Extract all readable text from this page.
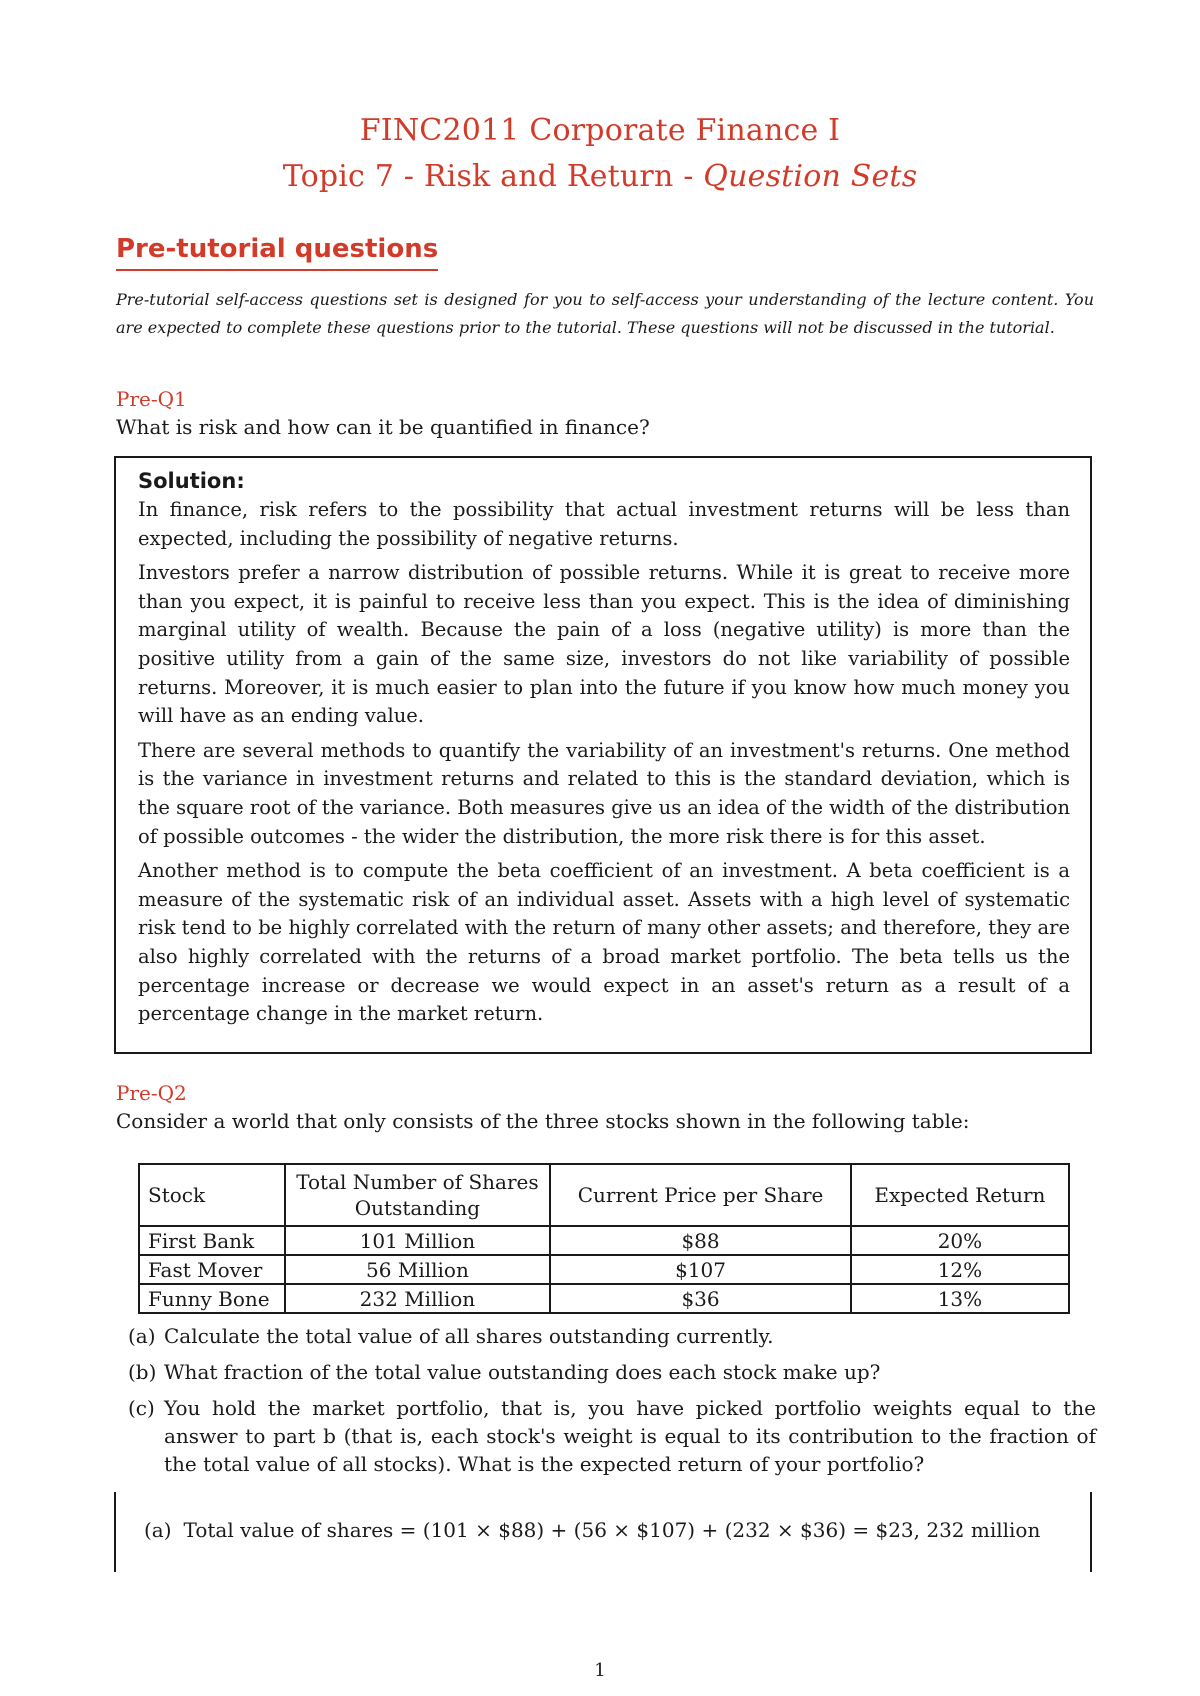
FINC2011 Corporate Finance I
Topic 7 - Risk and Return - Question Sets
Pre-tutorial questions
Pre-tutorial self-access questions set is designed for you to self-access your understanding of the lecture content. You are expected to complete these questions prior to the tutorial. These questions will not be discussed in the tutorial.
Pre-Q1
What is risk and how can it be quantified in finance?
Solution:

In finance, risk refers to the possibility that actual investment returns will be less than expected, including the possibility of negative returns.

Investors prefer a narrow distribution of possible returns. While it is great to receive more than you expect, it is painful to receive less than you expect. This is the idea of diminishing marginal utility of wealth. Because the pain of a loss (negative utility) is more than the positive utility from a gain of the same size, investors do not like variability of possible returns. Moreover, it is much easier to plan into the future if you know how much money you will have as an ending value.

There are several methods to quantify the variability of an investment's returns. One method is the variance in investment returns and related to this is the standard deviation, which is the square root of the variance. Both measures give us an idea of the width of the distribution of possible outcomes - the wider the distribution, the more risk there is for this asset.

Another method is to compute the beta coefficient of an investment. A beta coefficient is a measure of the systematic risk of an individual asset. Assets with a high level of systematic risk tend to be highly correlated with the return of many other assets; and therefore, they are also highly correlated with the returns of a broad market portfolio. The beta tells us the percentage increase or decrease we would expect in an asset's return as a result of a percentage change in the market return.

Pre-Q2
Consider a world that only consists of the three stocks shown in the following table:
Stock	Total Number of Shares Outstanding	Current Price per Share	Expected Return
First Bank	101 Million	$88	20%
Fast Mover	56 Million	$107	12%
Funny Bone	232 Million	$36	13%
(a) Calculate the total value of all shares outstanding currently.
(b) What fraction of the total value outstanding does each stock make up?
(c) You hold the market portfolio, that is, you have picked portfolio weights equal to the answer to part b (that is, each stock's weight is equal to its contribution to the fraction of the total value of all stocks). What is the expected return of your portfolio?
(a) Total value of shares = (101 × $88) + (56 × $107) + (232 × $36) = $23, 232 million
1
